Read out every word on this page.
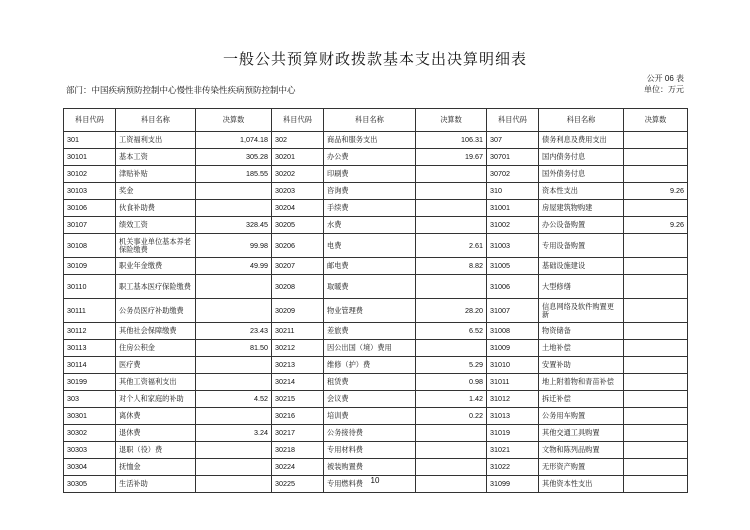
一般公共预算财政拨款基本支出决算明细表
公开 06 表
部门：中国疾病预防控制中心慢性非传染性疾病预防控制中心	单位：万元
科目代码	科目名称	决算数	科目代码	科目名称	决算数	科目代码	科目名称	决算数
301	工资福利支出	1,074.18	302	商品和服务支出	106.31	307	债务利息及费用支出	
30101	基本工资	305.28	30201	办公费	19.67	30701	国内债务付息	
30102	津贴补贴	185.55	30202	印刷费		30702	国外债务付息	
30103	奖金		30203	咨询费		310	资本性支出	9.26
30106	伙食补助费		30204	手续费		31001	房屋建筑物购建	
30107	绩效工资	328.45	30205	水费		31002	办公设备购置	9.26
30108	机关事业单位基本养老保险缴费	99.98	30206	电费	2.61	31003	专用设备购置	
30109	职业年金缴费	49.99	30207	邮电费	8.82	31005	基础设施建设	
30110	职工基本医疗保险缴费		30208	取暖费		31006	大型修缮	
30111	公务员医疗补助缴费		30209	物业管理费	28.20	31007	信息网络及软件购置更新	
30112	其他社会保障缴费	23.43	30211	差旅费	6.52	31008	物资储备	
30113	住房公积金	81.50	30212	因公出国（境）费用		31009	土地补偿	
30114	医疗费		30213	维修（护）费	5.29	31010	安置补助	
30199	其他工资福利支出		30214	租赁费	0.98	31011	地上附着物和青苗补偿	
303	对个人和家庭的补助	4.52	30215	会议费	1.42	31012	拆迁补偿	
30301	离休费		30216	培训费	0.22	31013	公务用车购置	
30302	退休费	3.24	30217	公务接待费		31019	其他交通工具购置	
30303	退职（役）费		30218	专用材料费		31021	文物和陈列品购置	
30304	抚恤金		30224	被装购置费		31022	无形资产购置	
30305	生活补助		30225	专用燃料费		31099	其他资本性支出	
10
